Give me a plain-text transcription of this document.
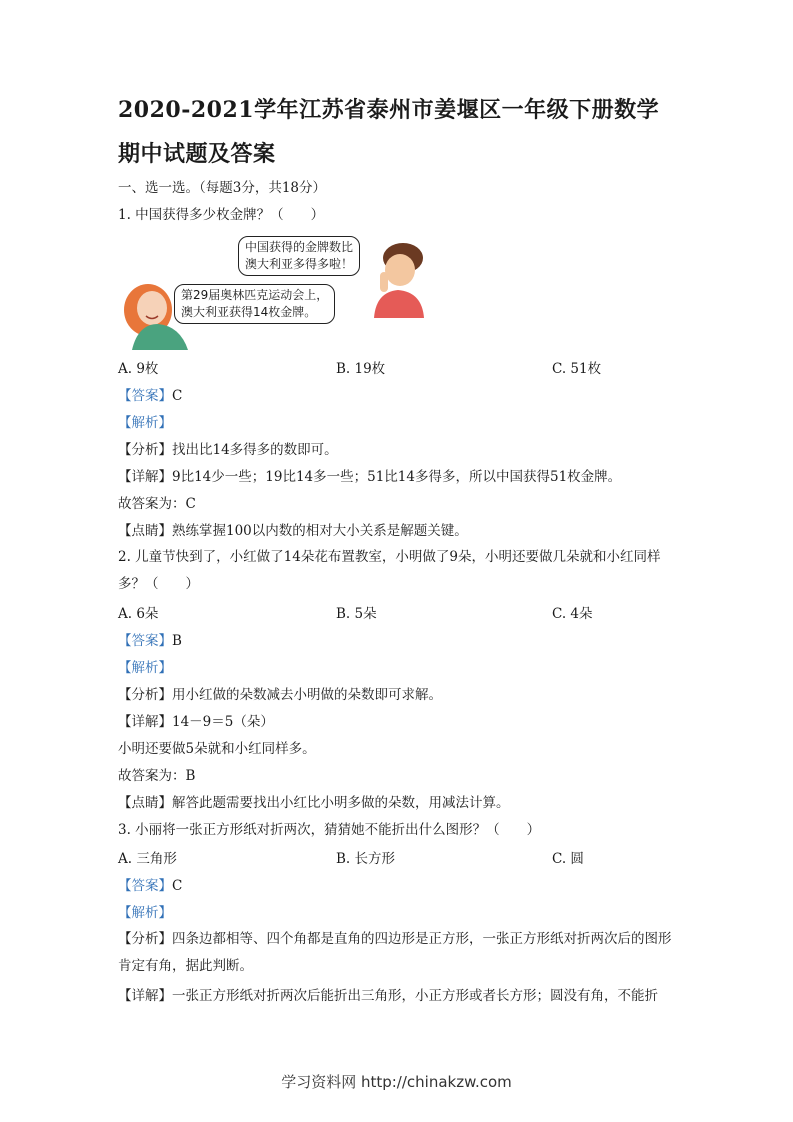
2020-2021学年江苏省泰州市姜堰区一年级下册数学期中试题及答案
一、选一选。（每题3分，共18分）
1. 中国获得多少枚金牌？（　　）
中国获得的金牌数比
澳大利亚多得多啦！
第29届奥林匹克运动会上，
澳大利亚获得14枚金牌。
A. 9枚	B. 19枚	C. 51枚
【答案】C
【解析】
【分析】找出比14多得多的数即可。
【详解】9比14少一些；19比14多一些；51比14多得多，所以中国获得51枚金牌。
故答案为：C
【点睛】熟练掌握100以内数的相对大小关系是解题关键。
2. 儿童节快到了，小红做了14朵花布置教室，小明做了9朵，小明还要做几朵就和小红同样多？（　　）
A. 6朵	B. 5朵	C. 4朵
【答案】B
【解析】
【分析】用小红做的朵数减去小明做的朵数即可求解。
【详解】14－9＝5（朵）
小明还要做5朵就和小红同样多。
故答案为：B
【点睛】解答此题需要找出小红比小明多做的朵数，用减法计算。
3. 小丽将一张正方形纸对折两次，猜猜她不能折出什么图形？（　　）
A. 三角形	B. 长方形	C. 圆
【答案】C
【解析】
【分析】四条边都相等、四个角都是直角的四边形是正方形，一张正方形纸对折两次后的图形肯定有角，据此判断。
【详解】一张正方形纸对折两次后能折出三角形，小正方形或者长方形；圆没有角，不能折
学习资料网 http://chinakzw.com
